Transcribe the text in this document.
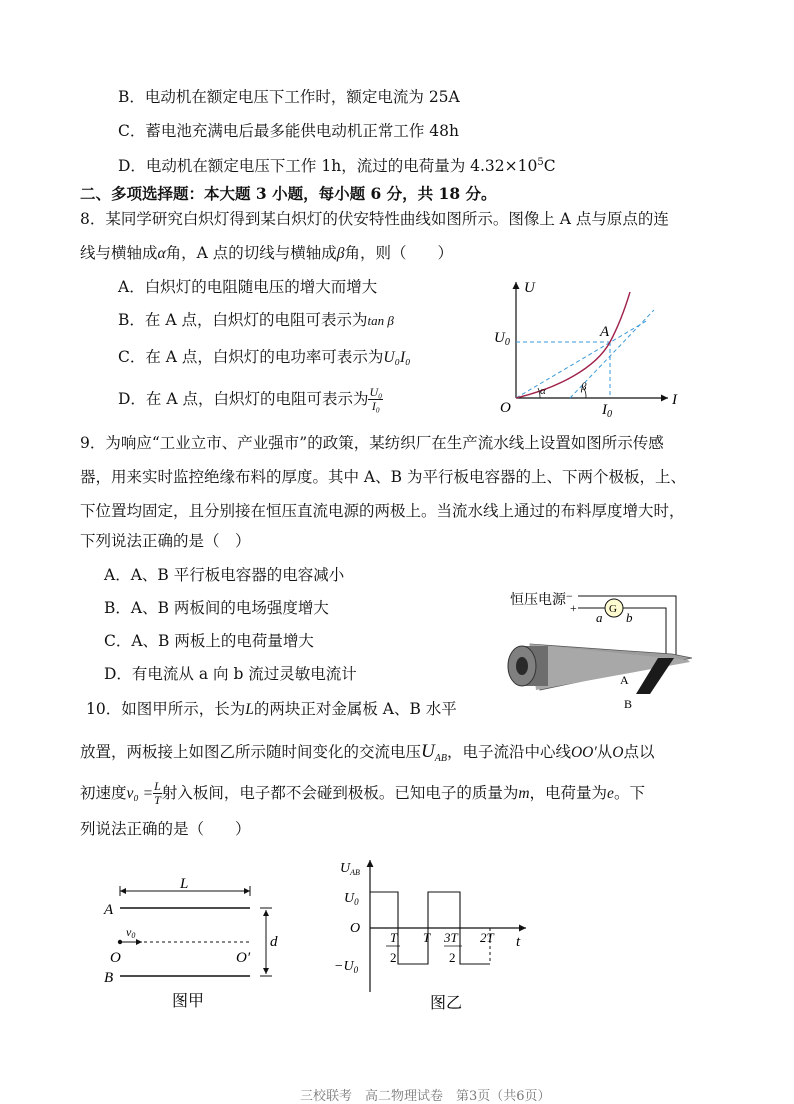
B．电动机在额定电压下工作时，额定电流为 25A
C．蓄电池充满电后最多能供电动机正常工作 48h
D．电动机在额定电压下工作 1h，流过的电荷量为 $4.32\times 10^5C$
二、多项选择题：本大题 3 小题，每小题 6 分，共 18 分。
8．某同学研究白炽灯得到某白炽灯的伏安特性曲线如图所示。图像上 A 点与原点的连
线与横轴成α角，A 点的切线与横轴成β角，则（　　）
A．白炽灯的电阻随电压的增大而增大
B．在 A 点，白炽灯的电阻可表示为tan β
C．在 A 点，白炽灯的电功率可表示为U₀I₀
D．在 A 点，白炽灯的电阻可表示为 $\frac{\text{U₀}}{\text{I₀}}$
U
I
O
$U_0$
$I_0$
A
α	β
9．为响应“工业立市、产业强市”的政策，某纺织厂在生产流水线上设置如图所示传感
器，用来实时监控绝缘布料的厚度。其中 A、B 为平行板电容器的上、下两个极板，上、
下位置均固定，且分别接在恒压直流电源的两极上。当流水线上通过的布料厚度增大时，
下列说法正确的是（　）
A．A、B 平行板电容器的电容减小
B．A、B 两板间的电场强度增大
C．A、B 两板上的电荷量增大
D．有电流从 a 向 b 流过灵敏电流计
恒压电源 −
+	G
a b
A
B
10．如图甲所示，长为L的两块正对金属板 A、B 水平
放置，两板接上如图乙所示随时间变化的交流电压$U_{AB}$，电子流沿中心线OO′从O点以
初速度$v_0 = \frac{L}{T}$ 射入板间，电子都不会碰到极板。已知电子的质量为m，电荷量为e。下
列说法正确的是（　　）
L
A
B
v0
O	O′
d
图甲
$U_{AB}$
t
$U_0$
$-U_0$
O
T
2
T 3T
2
2T
图乙
三校联考　高二物理试卷　第3页（共6页）
